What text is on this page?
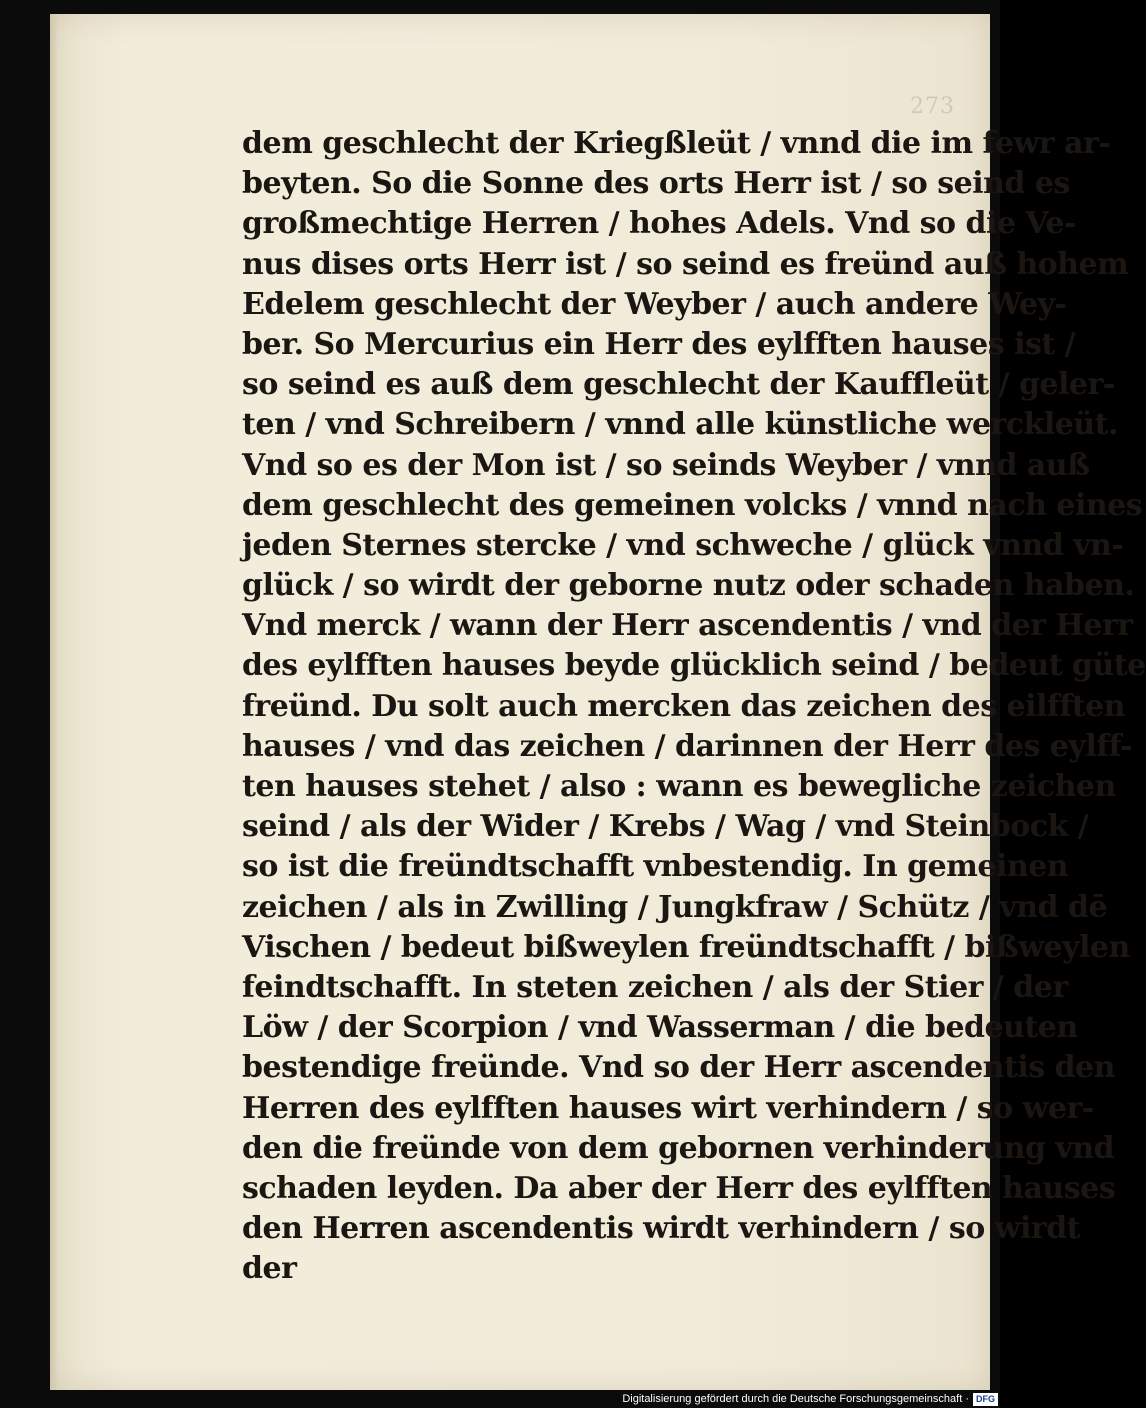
273
dem geschlecht der Kriegßleüt / vnnd die im fewr ar-
beyten. So die Sonne des orts Herr ist / so seind es
großmechtige Herren / hohes Adels. Vnd so die Ve-
nus dises orts Herr ist / so seind es freünd auß hohem
Edelem geschlecht der Weyber / auch andere Wey-
ber. So Mercurius ein Herr des eylfften hauses ist /
so seind es auß dem geschlecht der Kauffleüt / geler-
ten / vnd Schreibern / vnnd alle künstliche werckleüt.
Vnd so es der Mon ist / so seinds Weyber / vnnd auß
dem geschlecht des gemeinen volcks / vnnd nach eines
jeden Sternes stercke / vnd schweche / glück vnnd vn-
glück / so wirdt der geborne nutz oder schaden haben.
Vnd merck / wann der Herr ascendentis / vnd der Herr
des eylfften hauses beyde glücklich seind / bedeut güte
freünd. Du solt auch mercken das zeichen des eilfften
hauses / vnd das zeichen / darinnen der Herr des eylff-
ten hauses stehet / also : wann es bewegliche zeichen
seind / als der Wider / Krebs / Wag / vnd Steinbock /
so ist die freündtschafft vnbestendig. In gemeinen
zeichen / als in Zwilling / Jungkfraw / Schütz / vnd dē
Vischen / bedeut bißweylen freündtschafft / bißweylen
feindtschafft. In steten zeichen / als der Stier / der
Löw / der Scorpion / vnd Wasserman / die bedeuten
bestendige freünde. Vnd so der Herr ascendentis den
Herren des eylfften hauses wirt verhindern / so wer-
den die freünde von dem gebornen verhinderung vnd
schaden leyden. Da aber der Herr des eylfften hauses
den Herren ascendentis wirdt verhindern / so wirdt
der
Digitalisierung gefördert durch die Deutsche Forschungsgemeinschaft · DFG
